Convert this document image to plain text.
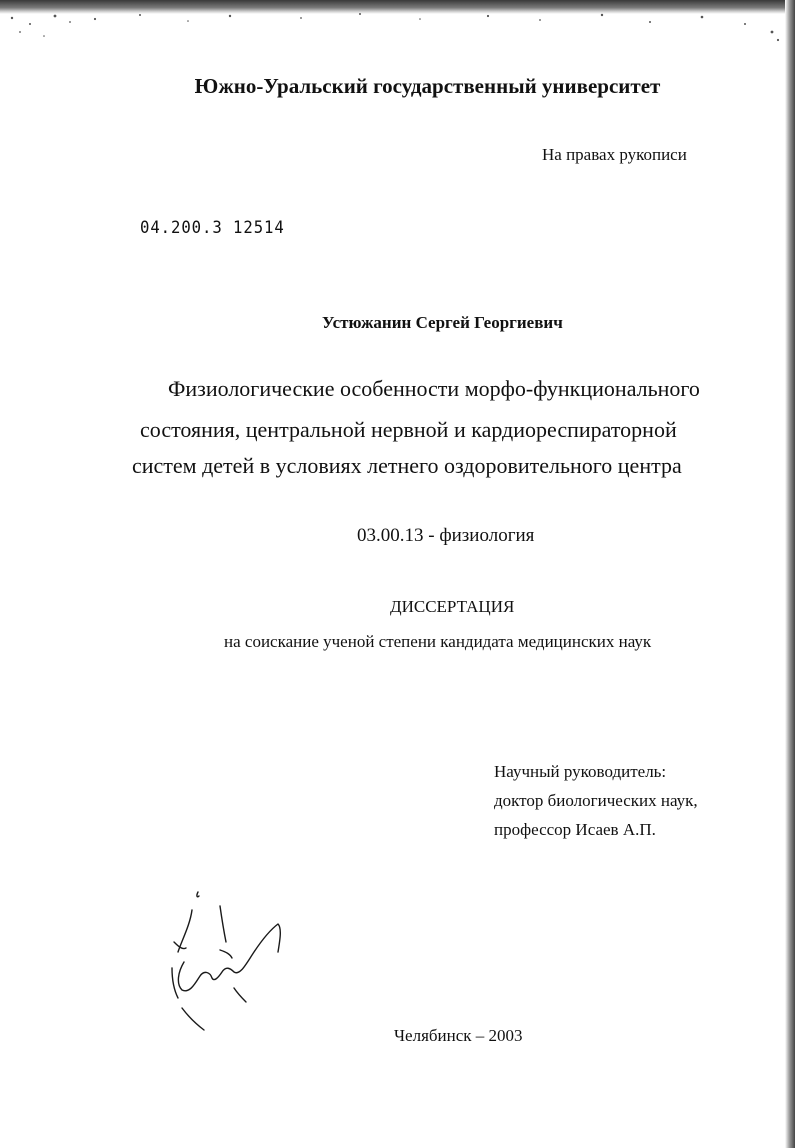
Южно-Уральский государственный университет

На правах рукописи

04.200.3 12514

Устюжанин Сергей Георгиевич

Физиологические особенности морфо-функционального

состояния, центральной нервной и кардиореспираторной

систем детей в условиях летнего оздоровительного центра

03.00.13 - физиология

ДИССЕРТАЦИЯ

на соискание ученой степени кандидата медицинских наук

Научный руководитель:

доктор биологических наук,

профессор Исаев А.П.

Челябинск – 2003
